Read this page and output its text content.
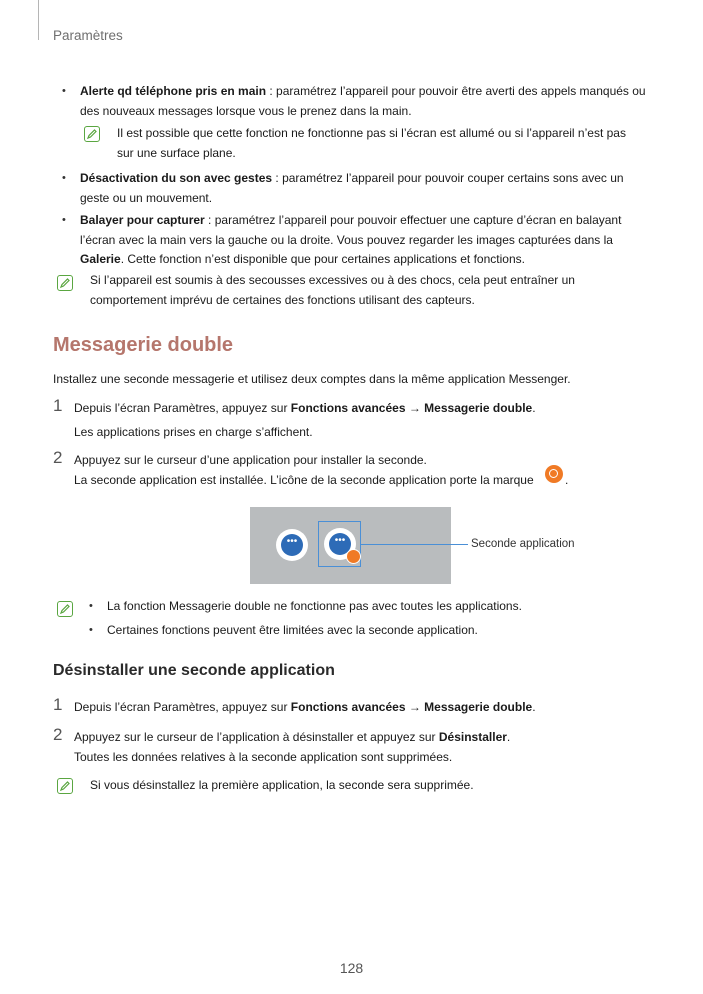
Paramètres
• Alerte qd téléphone pris en main : paramétrez l’appareil pour pouvoir être averti des appels manqués ou des nouveaux messages lorsque vous le prenez dans la main.
Il est possible que cette fonction ne fonctionne pas si l’écran est allumé ou si l’appareil n’est pas sur une surface plane.
• Désactivation du son avec gestes : paramétrez l’appareil pour pouvoir couper certains sons avec un geste ou un mouvement.
• Balayer pour capturer : paramétrez l’appareil pour pouvoir effectuer une capture d’écran en balayant l’écran avec la main vers la gauche ou la droite. Vous pouvez regarder les images capturées dans la Galerie. Cette fonction n’est disponible que pour certaines applications et fonctions.
Si l’appareil est soumis à des secousses excessives ou à des chocs, cela peut entraîner un comportement imprévu de certaines des fonctions utilisant des capteurs.
Messagerie double
Installez une seconde messagerie et utilisez deux comptes dans la même application Messenger.
1 Depuis l’écran Paramètres, appuyez sur Fonctions avancées → Messagerie double.
Les applications prises en charge s’affichent.
2 Appuyez sur le curseur d’une application pour installer la seconde.
La seconde application est installée. L’icône de la seconde application porte la marque	.
•••	•••	Seconde application
• La fonction Messagerie double ne fonctionne pas avec toutes les applications.
• Certaines fonctions peuvent être limitées avec la seconde application.
Désinstaller une seconde application
1 Depuis l’écran Paramètres, appuyez sur Fonctions avancées → Messagerie double.
2 Appuyez sur le curseur de l’application à désinstaller et appuyez sur Désinstaller.
Toutes les données relatives à la seconde application sont supprimées.
Si vous désinstallez la première application, la seconde sera supprimée.
128
